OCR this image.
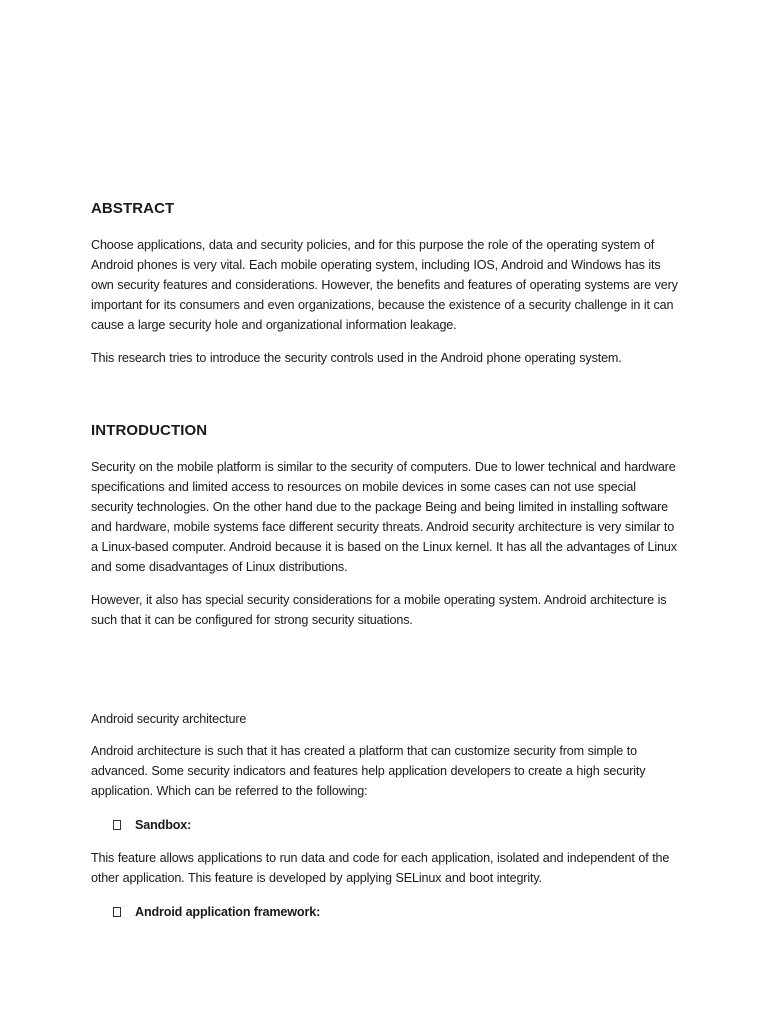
ABSTRACT

Choose applications, data and security policies, and for this purpose the role of the operating system of Android phones is very vital. Each mobile operating system, including IOS, Android and Windows has its own security features and considerations. However, the benefits and features of operating systems are very important for its consumers and even organizations, because the existence of a security challenge in it can cause a large security hole and organizational information leakage.

This research tries to introduce the security controls used in the Android phone operating system.

INTRODUCTION

Security on the mobile platform is similar to the security of computers. Due to lower technical and hardware specifications and limited access to resources on mobile devices in some cases can not use special security technologies. On the other hand due to the package Being and being limited in installing software and hardware, mobile systems face different security threats. Android security architecture is very similar to a Linux-based computer. Android because it is based on the Linux kernel. It has all the advantages of Linux and some disadvantages of Linux distributions.

However, it also has special security considerations for a mobile operating system. Android architecture is such that it can be configured for strong security situations.

Android security architecture

Android architecture is such that it has created a platform that can customize security from simple to advanced. Some security indicators and features help application developers to create a high security application. Which can be referred to the following:

Sandbox:

This feature allows applications to run data and code for each application, isolated and independent of the other application. This feature is developed by applying SELinux and boot integrity.

Android application framework:
